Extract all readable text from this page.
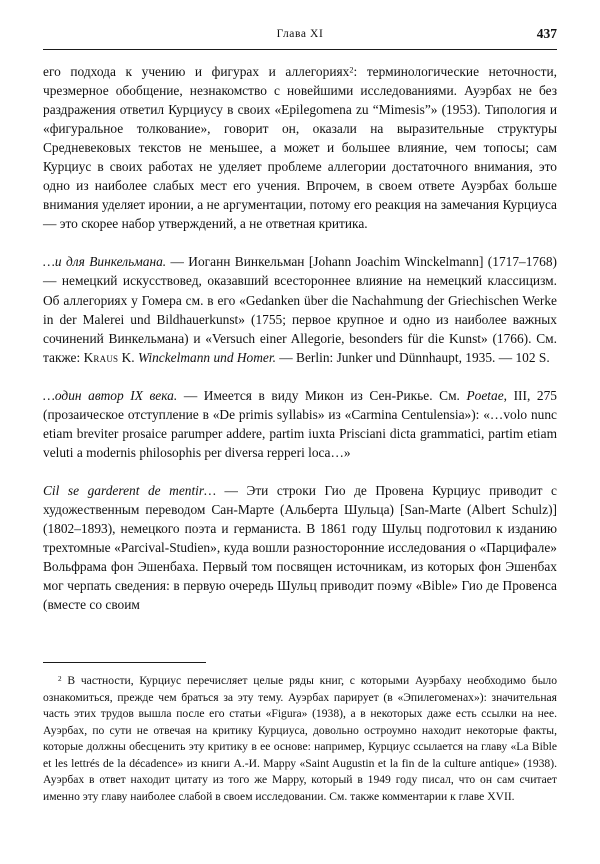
Глава XI	437

его подхода к учению и фигурах и аллегориях$^2$: терминологические неточности, чрезмерное обобщение, незнакомство с новейшими исследованиями. Ауэрбах не без раздражения ответил Курциусу в своих «Epilegomena zu “Mimesis”» (1953). Типология и «фигуральное толкование», говорит он, оказали на выразительные структуры Средневековых текстов не меньшее, а может и большее влияние, чем топосы; сам Курциус в своих работах не уделяет проблеме аллегории достаточного внимания, это одно из наиболее слабых мест его учения. Впрочем, в своем ответе Ауэрбах больше внимания уделяет иронии, а не аргументации, потому его реакция на замечания Курциуса — это скорее набор утверждений, а не ответная критика.

…и для Винкельмана. — Иоганн Винкельман [Johann Joachim Winckelmann] (1717–1768) — немецкий искусствовед, оказавший всестороннее влияние на немецкий классицизм. Об аллегориях у Гомера см. в его «Gedanken über die Nachahmung der Griechischen Werke in der Malerei und Bildhauerkunst» (1755; первое крупное и одно из наиболее важных сочинений Винкельмана) и «Versuch einer Allegorie, besonders für die Kunst» (1766). См. также: Kraus K. Winckelmann und Homer. — Berlin: Junker und Dünnhaupt, 1935. — 102 S.

…один автор IX века. — Имеется в виду Микон из Сен-Рикье. См. Poetae, III, 275 (прозаическое отступление в «De primis syllabis» из «Carmina Centulensia»): «…volo nunc etiam breviter prosaice parumper addere, partim iuxta Prisciani dicta grammatici, partim etiam veluti a modernis philosophis per diversa repperi loca…»

Cil se garderent de mentir… — Эти строки Гио де Провена Курциус приводит с художественным переводом Сан-Марте (Альберта Шульца) [San-Marte (Albert Schulz)] (1802–1893), немецкого поэта и германиста. В 1861 году Шульц подготовил к изданию трехтомные «Parcival-Studien», куда вошли разносторонние исследования о «Парцифале» Вольфрама фон Эшенбаха. Первый том посвящен источникам, из которых фон Эшенбах мог черпать сведения: в первую очередь Шульц приводит поэму «Bible» Гио де Провенса (вместе со своим

$^2$ В частности, Курциус перечисляет целые ряды книг, с которыми Ауэрбаху необходимо было ознакомиться, прежде чем браться за эту тему. Ауэрбах парирует (в «Эпилегоменах»): значительная часть этих трудов вышла после его статьи «Figura» (1938), а в некоторых даже есть ссылки на нее. Ауэрбах, по сути не отвечая на критику Курциуса, довольно остроумно находит некоторые факты, которые должны обесценить эту критику в ее основе: например, Курциус ссылается на главу «La Bible et les lettrés de la décadence» из книги А.-И. Марру «Saint Augustin et la fin de la culture antique» (1938). Ауэрбах в ответ находит цитату из того же Марру, который в 1949 году писал, что он сам считает именно эту главу наиболее слабой в своем исследовании. См. также комментарии к главе XVII.
